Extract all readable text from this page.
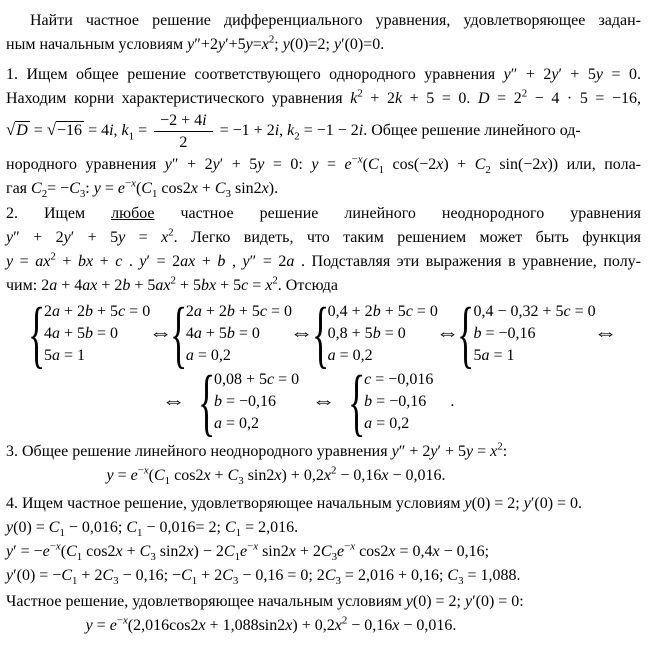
Найти частное решение дифференциального уравнения, удовлетворяющее задан-
ным начальным условиям $y''+2y'+5y=x^2$; y(0)=2; y′(0)=0.
1. Ищем общее решение соответствующего однородного уравнения y″ + 2y′ + 5y = 0.
Находим корни характеристического уравнения $k^2 + 2k + 5 = 0$. $D = 2^2 - 4 \cdot 5 = -16$,
√D = √−16 = 4i, $k_1 = \frac{-2 + 4i}{2} = -1 + 2i$, $k_2 = -1 - 2i$. Общее решение линейного од-
нородного уравнения y″ + 2y′ + 5y = 0: $y = e^{-x}(C_1$ $\cos(-2x) + C_2$ sin(−2x)) или, пола-
гая $C_2= -C_3$: $y = e^{-x}(C_1$ $\cos 2x + C_3$ sin2x).
2. Ищем любое частное решение линейного неоднородного уравнения
$y'' + 2y' + 5y = x^2$. Легко видеть, что таким решением может быть функция
$y = ax^2$ + bx + c . y′ = 2ax + b , y″ = 2a . Подставляя эти выражения в уравнение, полу-
чим: $2a + 4ax + 2b + 5ax^2 + 5bx + 5c = x^2$. Отсюда
{
2a + 2b + 5c = 0
4a + 5b = 0
5a = 1
⇔
{
2a + 2b + 5c = 0
4a + 5b = 0
a = 0,2
⇔
{
0,4 + 2b + 5c = 0
0,8 + 5b = 0
a = 0,2
⇔
{
0,4 − 0,32 + 5c = 0
b = −0,16
5a = 1
⇔
⇔ {
0,08 + 5c = 0
b = −0,16
a = 0,2
⇔ {
c = −0,016
b = −0,16
a = 0,2
.
3. Общее решение линейного неоднородного уравнения $y'' + 2y' + 5y = x^2$:
$y = e^{-x}(C_1$ $\cos 2x + C_3$ $\sin 2x) + 0,2x^2 - 0,16x - 0,016$.
4. Ищем частное решение, удовлетворяющее начальным условиям y(0) = 2; y′(0) = 0.
$y(0) = C_1 - 0,016$; $C_1 - 0,016= 2$; $C_1 = 2,016$.
$y' = -e^{-x}(C_1$ $\cos 2x + C_3$ $\sin 2x) - 2C_1e^{-x}$ $\sin 2x + 2C_3e^{-x}$ cos2x = 0,4x − 0,16;
$y'(0) = -C_1 + 2C_3 - 0,16$; $-C_1 + 2C_3 - 0,16 = 0$; $2C_3 = 2,016 + 0,16$; $C_3 = 1,088$.
Частное решение, удовлетворяющее начальным условиям y(0) = 2; y′(0) = 0:
$y = e^{-x}(2,016\cos 2x + 1,088\sin 2x) + 0,2x^2 - 0,16x - 0,016$.
